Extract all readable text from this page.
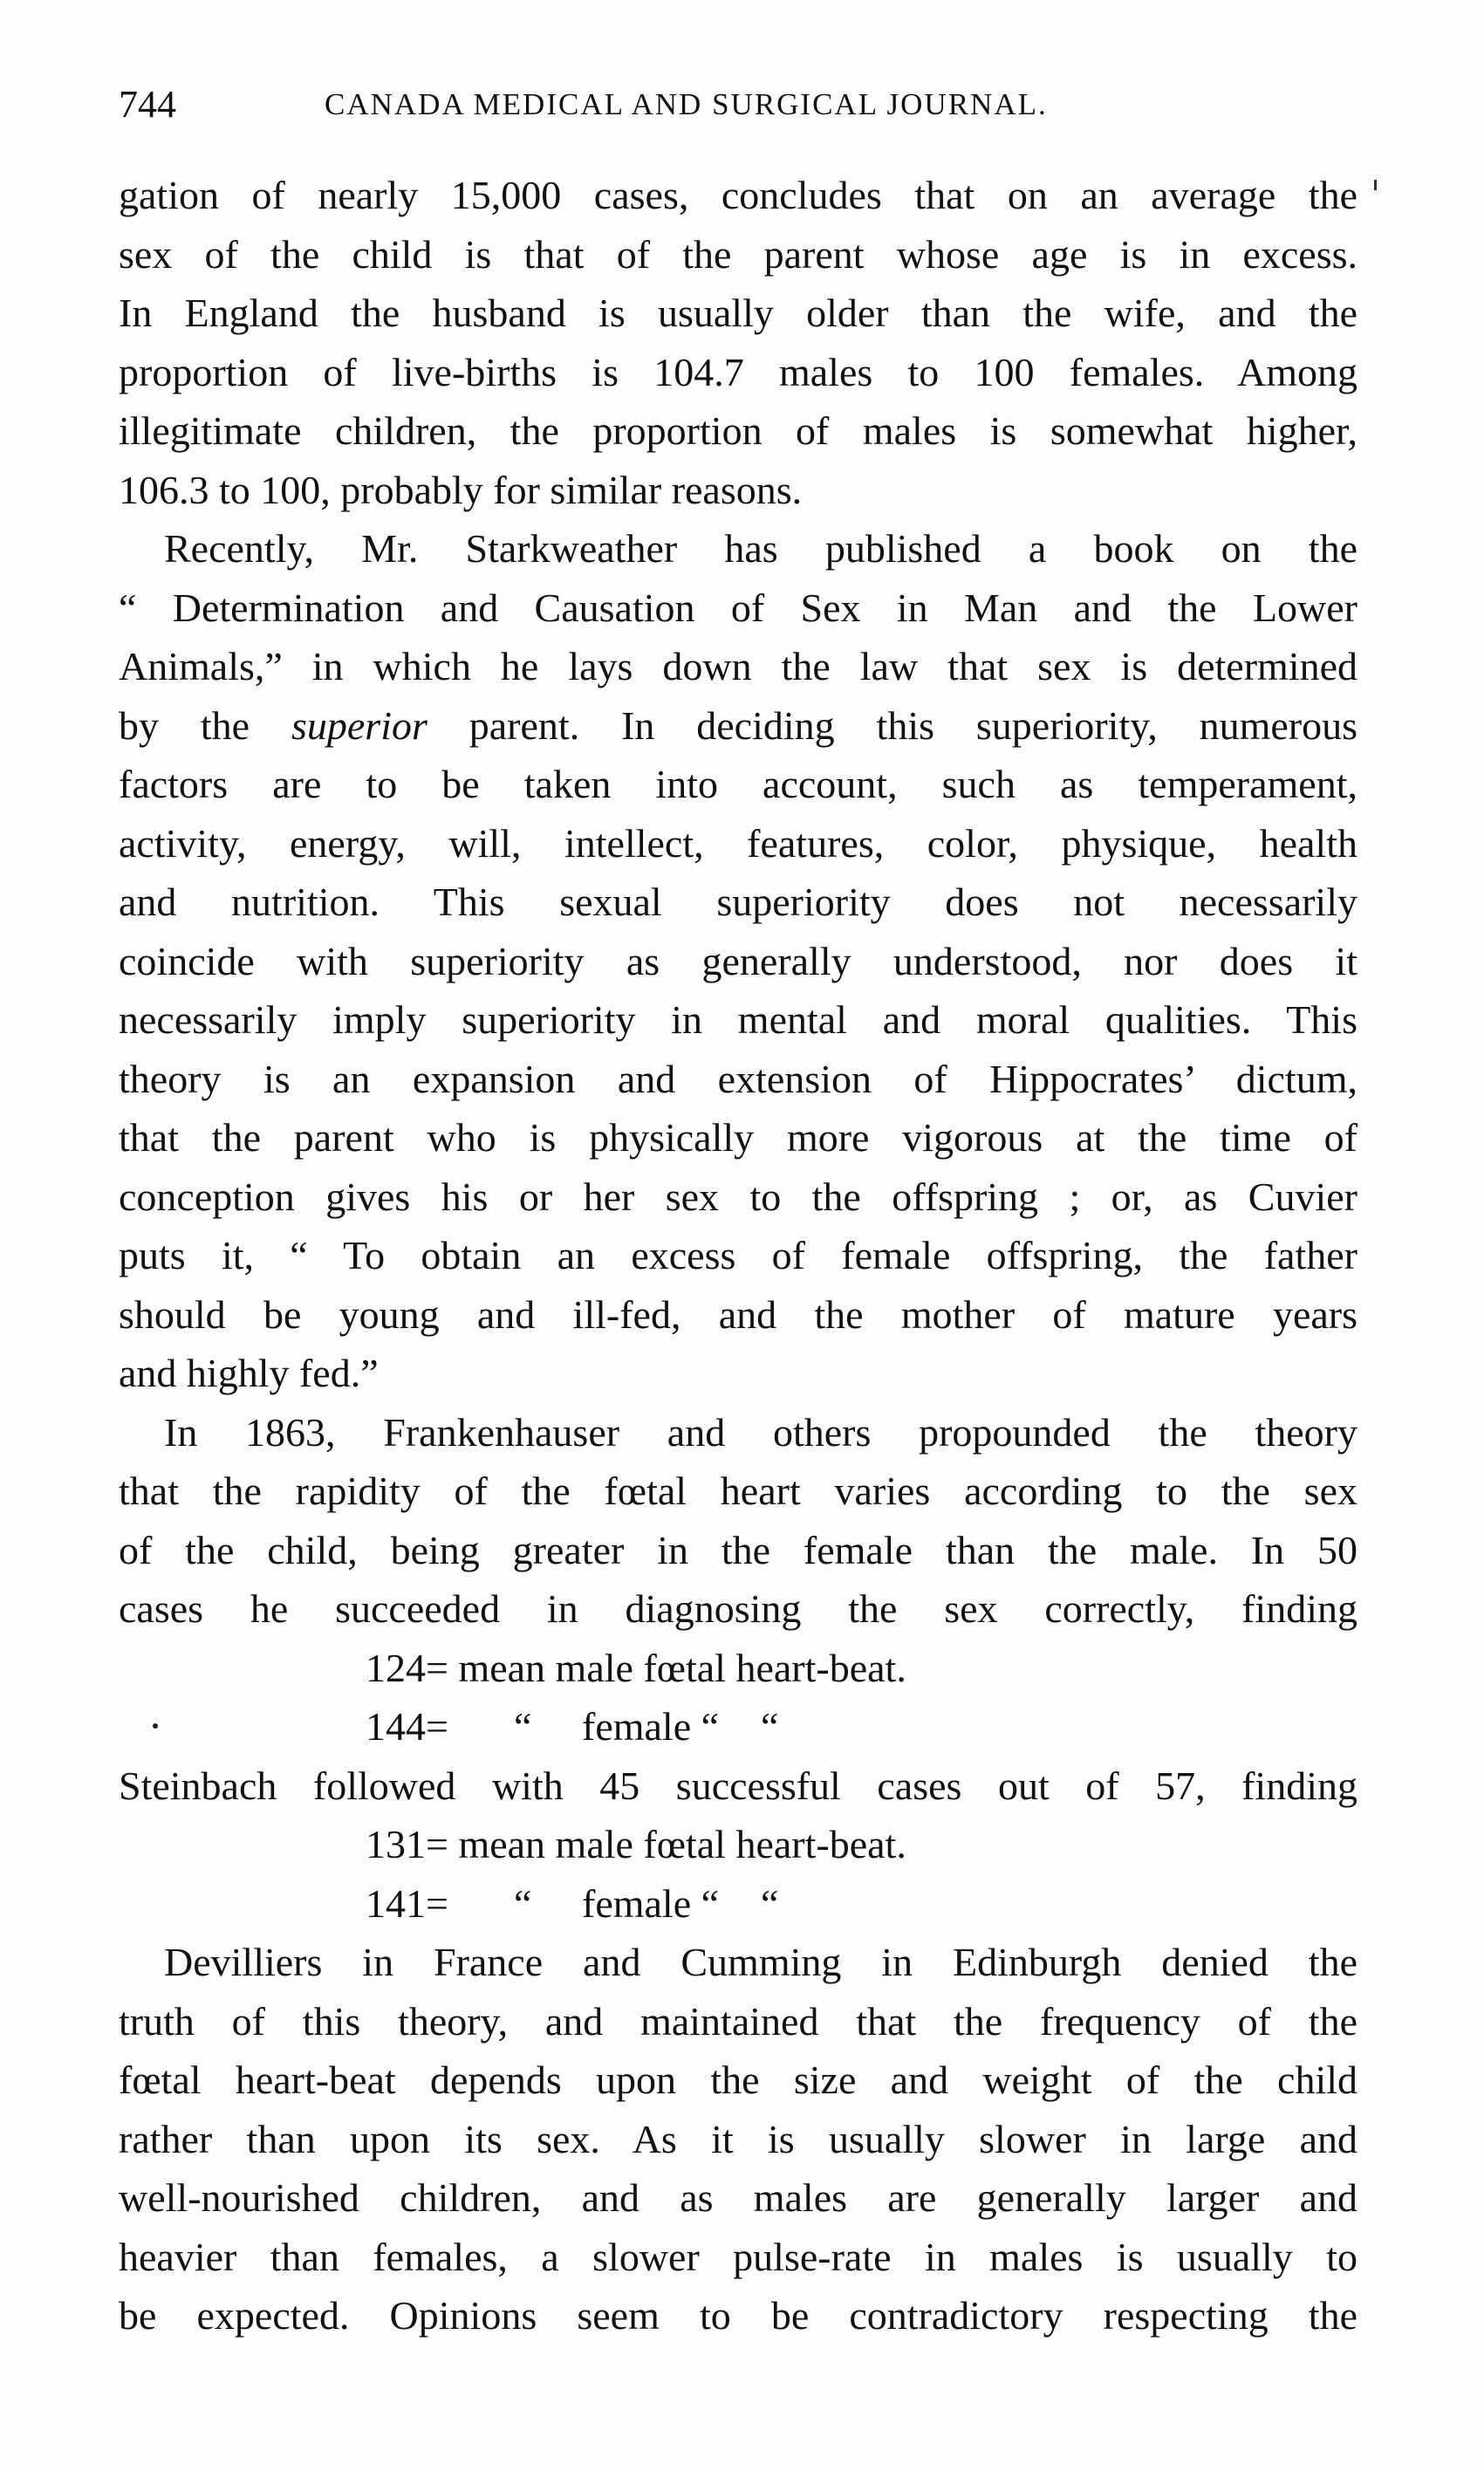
744	CANADA MEDICAL AND SURGICAL JOURNAL.
gation of nearly 15,000 cases, concludes that on an average the
sex of the child is that of the parent whose age is in excess.
In England the husband is usually older than the wife, and the
proportion of live-births is 104.7 males to 100 females. Among
illegitimate children, the proportion of males is somewhat higher,
106.3 to 100, probably for similar reasons.
Recently, Mr. Starkweather has published a book on the
“ Determination and Causation of Sex in Man and the Lower
Animals,” in which he lays down the law that sex is determined
by the superior parent. In deciding this superiority, numerous
factors are to be taken into account, such as temperament,
activity, energy, will, intellect, features, color, physique, health
and nutrition. This sexual superiority does not necessarily
coincide with superiority as generally understood, nor does it
necessarily imply superiority in mental and moral qualities. This
theory is an expansion and extension of Hippocrates’ dictum,
that the parent who is physically more vigorous at the time of
conception gives his or her sex to the offspring ; or, as Cuvier
puts it, “ To obtain an excess of female offspring, the father
should be young and ill-fed, and the mother of mature years
and highly fed.”
In 1863, Frankenhauser and others propounded the theory
that the rapidity of the fœtal heart varies according to the sex
of the child, being greater in the female than the male. In 50
cases he succeeded in diagnosing the sex correctly, finding
124= mean male fœtal heart-beat.
144= “ female “ “
Steinbach followed with 45 successful cases out of 57, finding
131= mean male fœtal heart-beat.
141= “ female “ “
Devilliers in France and Cumming in Edinburgh denied the
truth of this theory, and maintained that the frequency of the
fœtal heart-beat depends upon the size and weight of the child
rather than upon its sex. As it is usually slower in large and
well-nourished children, and as males are generally larger and
heavier than females, a slower pulse-rate in males is usually to
be expected. Opinions seem to be contradictory respecting the
